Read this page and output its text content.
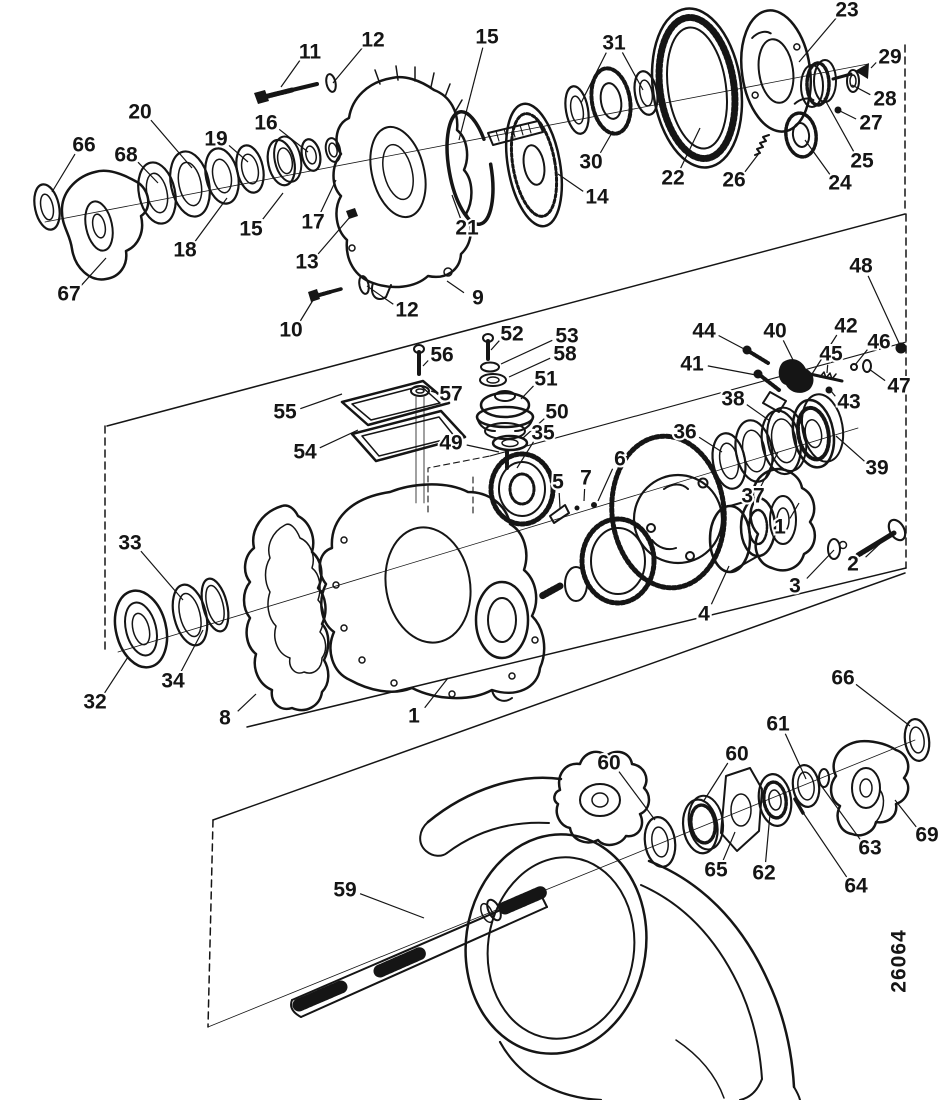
11
12	15	31
23
29
28
27
20	16
19
66 68	30
22 26
25
24
14
15 17
18
13
21
67	9
12
10
48
52 53
58
56
51
57
55	50
54	49	35
44 40 42
46
45
41
47
43
38
36
39
37
6
5 7
1
2
3
4
33
34
32
8	1
66
61
60
60
69
63
65 62
64
59
26064
